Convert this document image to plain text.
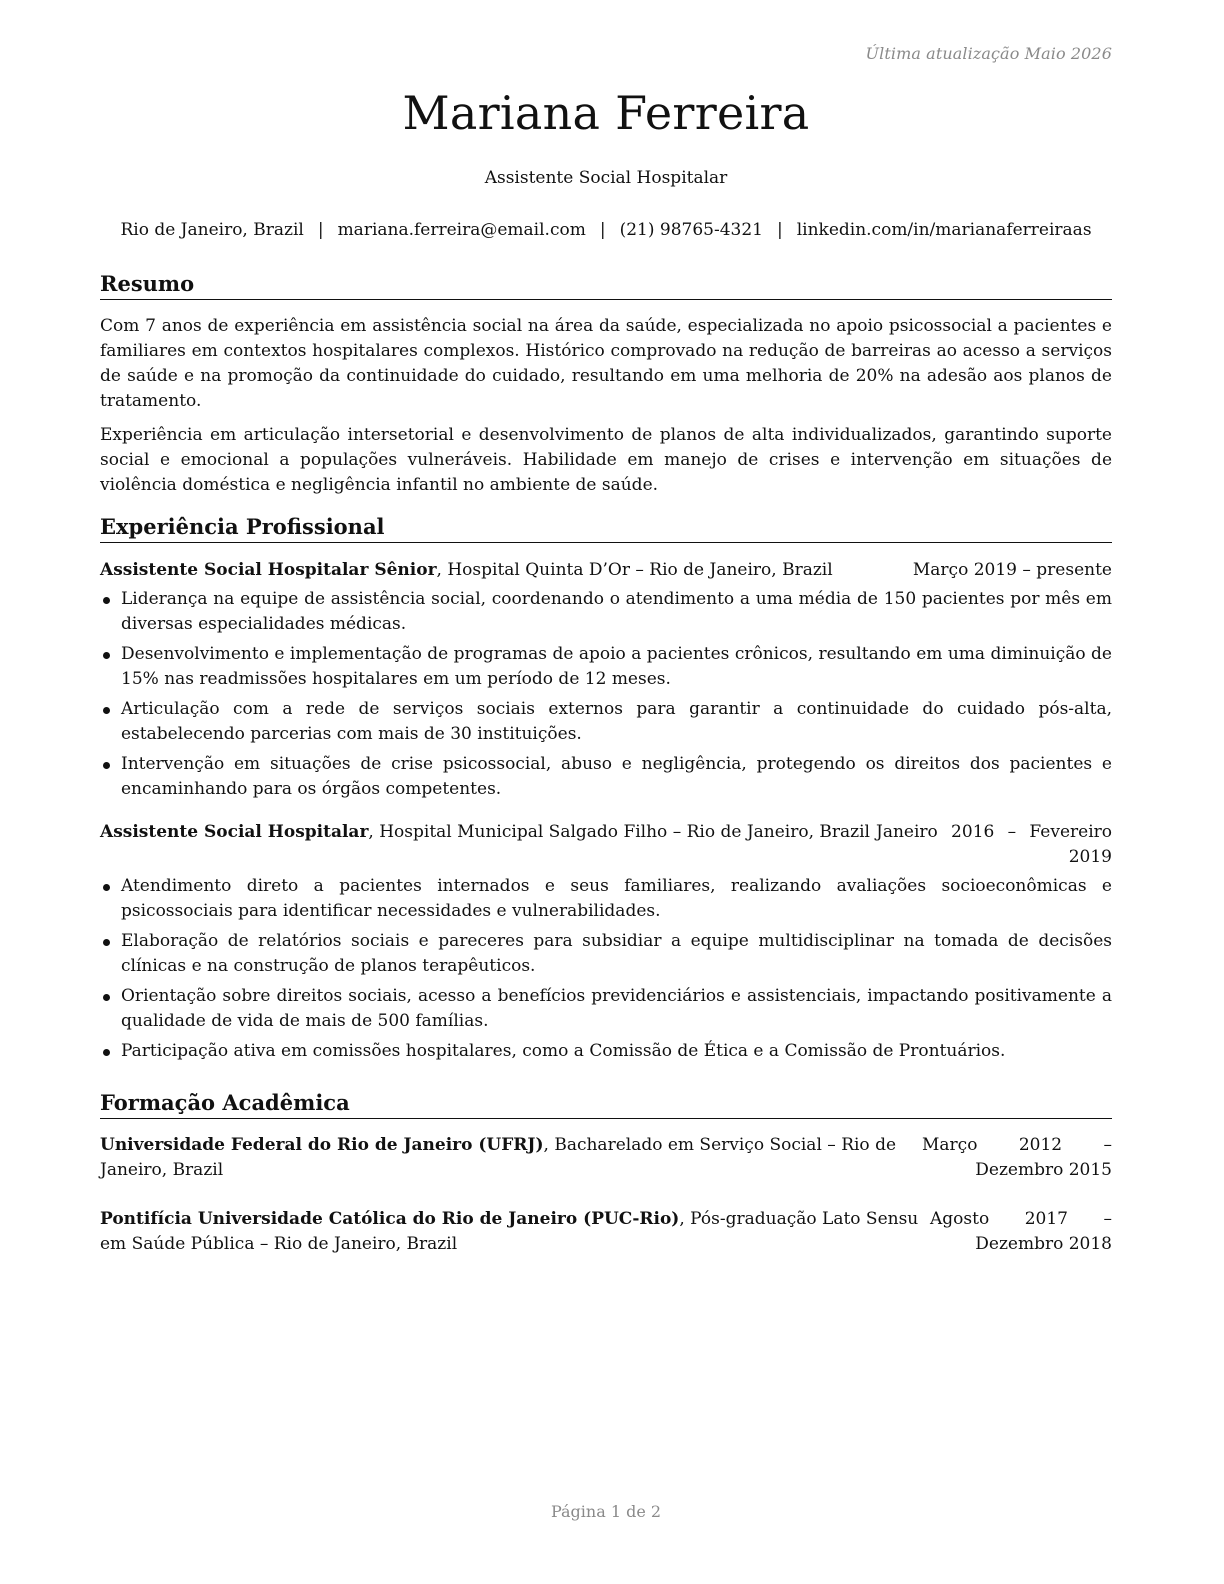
Última atualização Maio 2026
Mariana Ferreira
Assistente Social Hospitalar
Rio de Janeiro, Brazil | mariana.ferreira@email.com | (21) 98765-4321 | linkedin.com/in/marianaferreiraas
Resumo

Com 7 anos de experiência em assistência social na área da saúde, especializada no apoio psicossocial a pacientes e familiares em contextos hospitalares complexos. Histórico comprovado na redução de barreiras ao acesso a serviços de saúde e na promoção da continuidade do cuidado, resultando em uma melhoria de 20% na adesão aos planos de tratamento.

Experiência em articulação intersetorial e desenvolvimento de planos de alta individualizados, garantindo suporte social e emocional a populações vulneráveis. Habilidade em manejo de crises e intervenção em situações de violência doméstica e negligência infantil no ambiente de saúde.

Experiência Profissional
Assistente Social Hospitalar Sênior, Hospital Quinta D’Or – Rio de Janeiro, Brazil	Março 2019 – presente
Liderança na equipe de assistência social, coordenando o atendimento a uma média de 150 pacientes por mês em diversas especialidades médicas.
Desenvolvimento e implementação de programas de apoio a pacientes crônicos, resultando em uma diminuição de 15% nas readmissões hospitalares em um período de 12 meses.
Articulação com a rede de serviços sociais externos para garantir a continuidade do cuidado pós-alta, estabelecendo parcerias com mais de 30 instituições.
Intervenção em situações de crise psicossocial, abuso e negligência, protegendo os direitos dos pacientes e encaminhando para os órgãos competentes.
Assistente Social Hospitalar, Hospital Municipal Salgado Filho – Rio de Janeiro, Brazil Janeiro 2016 – Fevereiro 2019
Atendimento direto a pacientes internados e seus familiares, realizando avaliações socioeconômicas e psicossociais para identificar necessidades e vulnerabilidades.
Elaboração de relatórios sociais e pareceres para subsidiar a equipe multidisciplinar na tomada de decisões clínicas e na construção de planos terapêuticos.
Orientação sobre direitos sociais, acesso a benefícios previdenciários e assistenciais, impactando positivamente a qualidade de vida de mais de 500 famílias.
Participação ativa em comissões hospitalares, como a Comissão de Ética e a Comissão de Prontuários.
Formação Acadêmica
Universidade Federal do Rio de Janeiro (UFRJ), Bacharelado em Serviço Social – Rio de Janeiro, Brazil
Março 2012 – Dezembro 2015
Pontifícia Universidade Católica do Rio de Janeiro (PUC-Rio), Pós-graduação Lato Sensu em Saúde Pública – Rio de Janeiro, Brazil
Agosto 2017 – Dezembro 2018
Página 1 de 2
